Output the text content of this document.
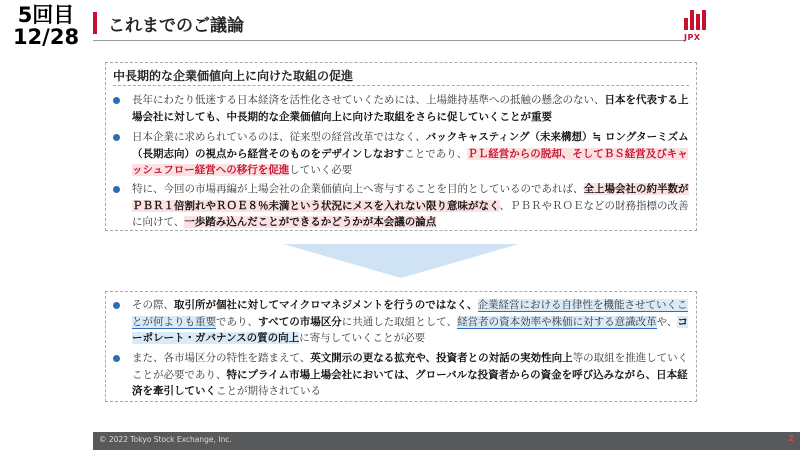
5回目
12/28	これまでのご議論
JPX
中長期的な企業価値向上に向けた取組の促進
長年にわたり低迷する日本経済を活性化させていくためには、上場維持基準への抵触の懸念のない、日本を代表する上場会社に対しても、中長期的な企業価値向上に向けた取組をさらに促していくことが重要
日本企業に求められているのは、従来型の経営改革ではなく、バックキャスティング（未来構想）≒ ロングターミズム（長期志向）の視点から経営そのものをデザインしなおすことであり、ＰＬ経営からの脱却、そしてＢＳ経営及びキャッシュフロー経営への移行を促進していく必要
特に、今回の市場再編が上場会社の企業価値向上へ寄与することを目的としているのであれば、全上場会社の約半数がＰＢＲ１倍割れやＲＯＥ８％未満という状況にメスを入れない限り意味がなく、ＰＢＲやＲＯＥなどの財務指標の改善に向けて、一歩踏み込んだことができるかどうかが本会議の論点
その際、取引所が個社に対してマイクロマネジメントを行うのではなく、企業経営における自律性を機能させていくことが何よりも重要であり、すべての市場区分に共通した取組として、経営者の資本効率や株価に対する意識改革や、コーポレート・ガバナンスの質の向上に寄与していくことが必要
また、各市場区分の特性を踏まえて、英文開示の更なる拡充や、投資者との対話の実効性向上等の取組を推進していくことが必要であり、特にプライム市場上場会社においては、グローバルな投資者からの資金を呼び込みながら、日本経済を牽引していくことが期待されている
© 2022 Tokyo Stock Exchange, Inc.	2
